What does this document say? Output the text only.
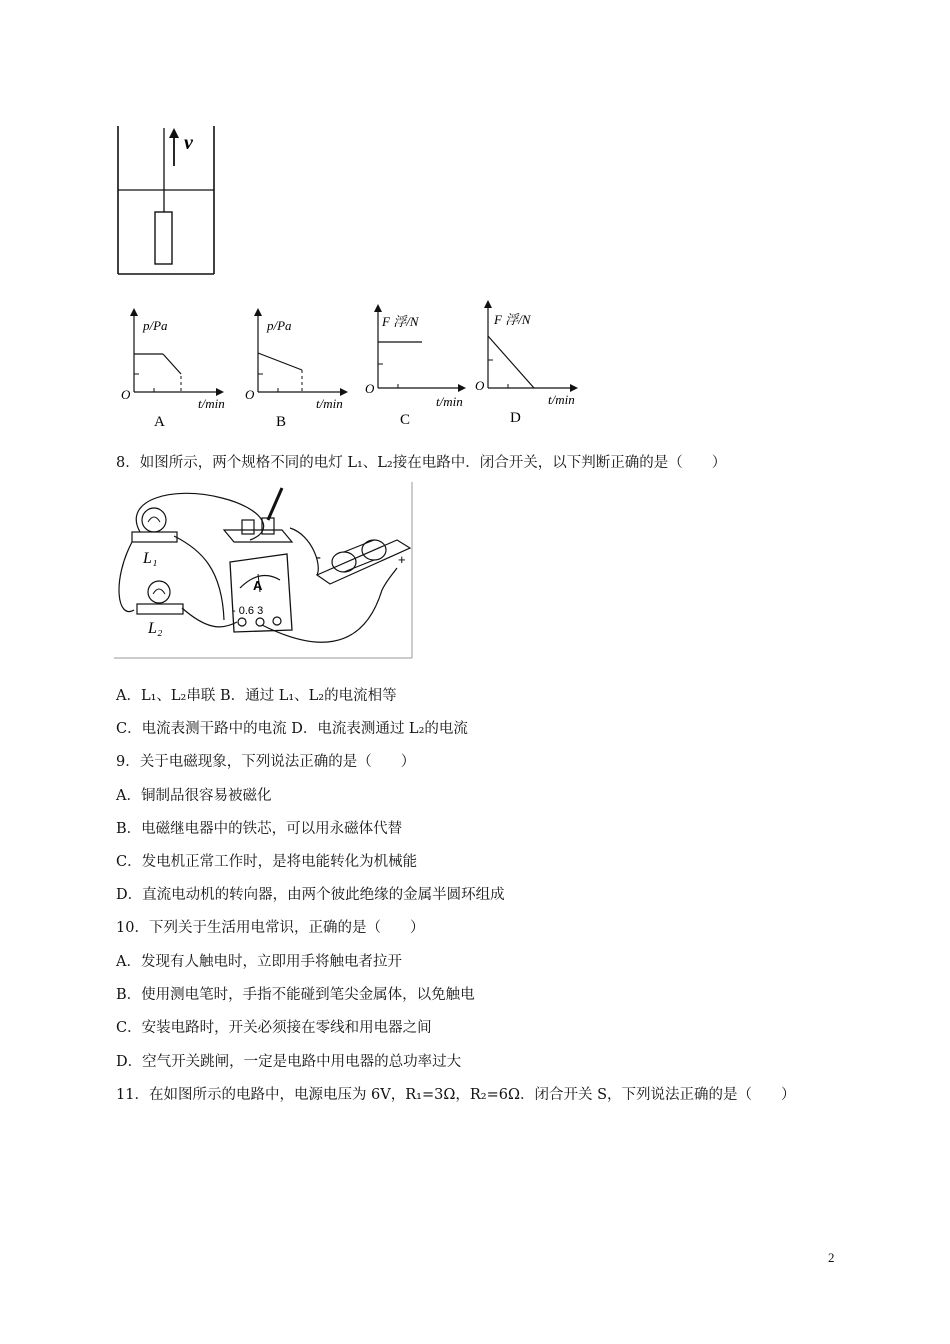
v
p/Pa
O
t/min
A
p/Pa
O
t/min
B
F 浮/N
O
t/min
C
F 浮/N
O
t/min
D
8．如图所示，两个规格不同的电灯 L₁、L₂接在电路中．闭合开关，以下判断正确的是（　　）
L₁
L₂
A
- 0.6 3
-	+
A．L₁、L₂串联 B．通过 L₁、L₂的电流相等
C．电流表测干路中的电流 D．电流表测通过 L₂的电流
9．关于电磁现象，下列说法正确的是（　　）
A．铜制品很容易被磁化
B．电磁继电器中的铁芯，可以用永磁体代替
C．发电机正常工作时，是将电能转化为机械能
D．直流电动机的转向器，由两个彼此绝缘的金属半圆环组成
10．下列关于生活用电常识，正确的是（　　）
A．发现有人触电时，立即用手将触电者拉开
B．使用测电笔时，手指不能碰到笔尖金属体，以免触电
C．安装电路时，开关必须接在零线和用电器之间
D．空气开关跳闸，一定是电路中用电器的总功率过大
11．在如图所示的电路中，电源电压为 6V，R₁=3Ω，R₂=6Ω．闭合开关 S，下列说法正确的是（　　）
2
